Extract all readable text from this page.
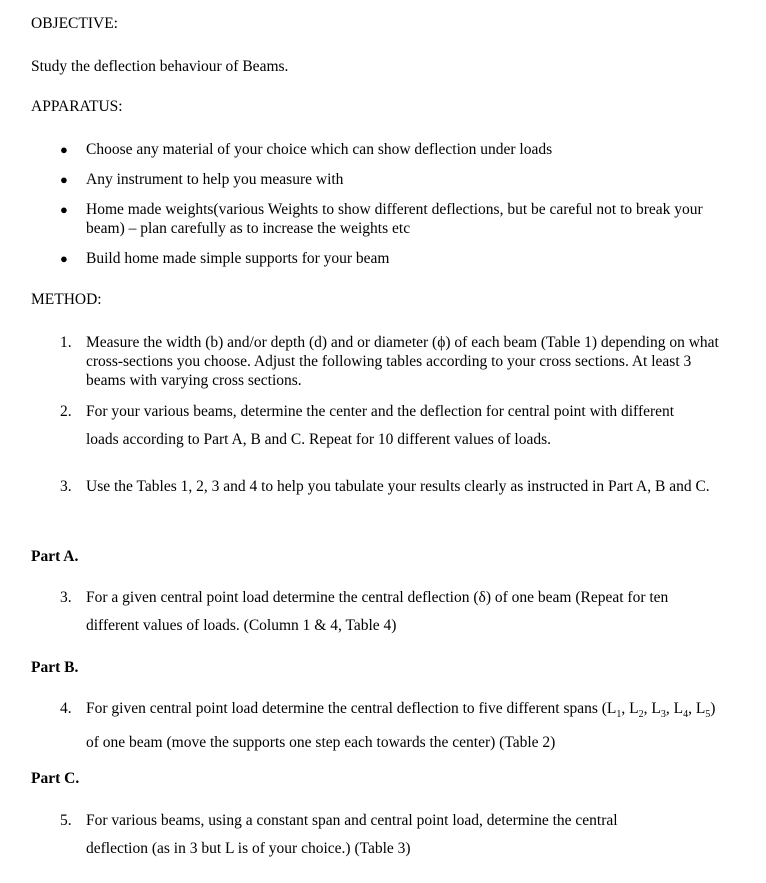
OBJECTIVE:
Study the deflection behaviour of Beams.
APPARATUS:
● Choose any material of your choice which can show deflection under loads
● Any instrument to help you measure with
● Home made weights(various Weights to show different deflections, but be careful not to break your beam) – plan carefully as to increase the weights etc
● Build home made simple supports for your beam
METHOD:
1. Measure the width (b) and/or depth (d) and or diameter (ϕ) of each beam (Table 1) depending on what cross-sections you choose. Adjust the following tables according to your cross sections. At least 3 beams with varying cross sections.
2. For your various beams, determine the center and the deflection for central point with different loads according to Part A, B and C. Repeat for 10 different values of loads.
3. Use the Tables 1, 2, 3 and 4 to help you tabulate your results clearly as instructed in Part A, B and C.
Part A.
3. For a given central point load determine the central deflection (δ) of one beam (Repeat for ten different values of loads. (Column 1 & 4, Table 4)
Part B.
4. For given central point load determine the central deflection to five different spans ($L_1$, $L_2$, $L_3$, $L_4$, $L_5$) of one beam (move the supports one step each towards the center) (Table 2)
Part C.
5. For various beams, using a constant span and central point load, determine the central deflection (as in 3 but L is of your choice.) (Table 3)
